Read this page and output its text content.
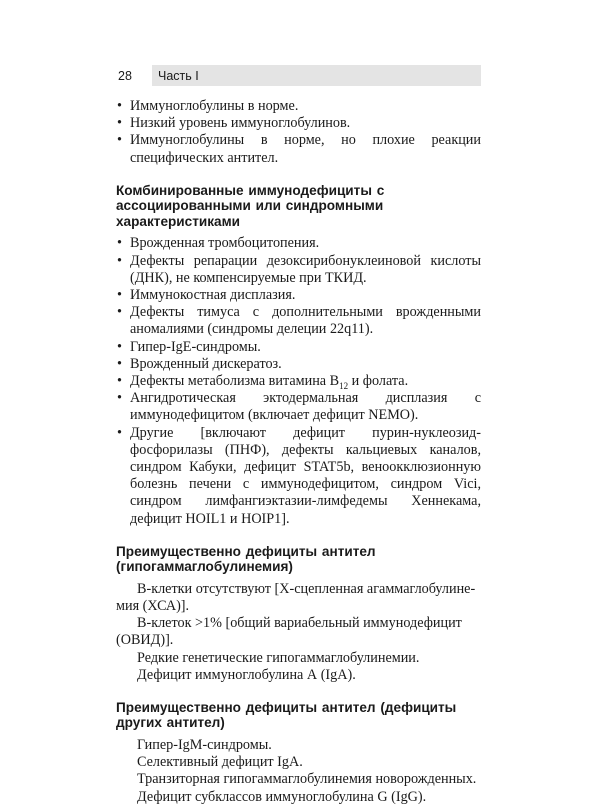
28	Часть I
• Иммуноглобулины в норме.
• Низкий уровень иммуноглобулинов.
• Иммуноглобулины в норме, но плохие реакции специфических антител.
Комбинированные иммунодефициты с ассоциированными или синдромными характеристиками
• Врожденная тромбоцитопения.
• Дефекты репарации дезоксирибонуклеиновой кислоты (ДНК), не компенсируемые при ТКИД.
• Иммунокостная дисплазия.
• Дефекты тимуса с дополнительными врожденными аномалиями (синдромы делеции 22q11).
• Гипер-IgE-синдромы.
• Врожденный дискератоз.
• Дефекты метаболизма витамина $B_{12}$ и фолата.
• Ангидротическая эктодермальная дисплазия с иммунодефицитом (включает дефицит NEMO).
• Другие [включают дефицит пурин-нуклеозид-фосфорилазы (ПНФ), дефекты кальциевых каналов, синдром Кабуки, дефицит STAT5b, веноокклюзионную болезнь печени с иммунодефицитом, синдром Vici, синдром лимфангиэктазии-лимфедемы Хеннекама, дефицит HOIL1 и HOIP1].
Преимущественно дефициты антител (гипогаммаглобулинемия)

В-клетки отсутствуют [Х-сцепленная агаммаглобулине-
мия (ХСА)].

В-клеток >1% [общий вариабельный иммунодефицит
(ОВИД)].

Редкие генетические гипогаммаглобулинемии.

Дефицит иммуноглобулина А (IgA).

Преимущественно дефициты антител (дефициты других антител)

Гипер-IgM-синдромы.

Селективный дефицит IgA.

Транзиторная гипогаммаглобулинемия новорожденных.

Дефицит субклассов иммуноглобулина G (IgG).
